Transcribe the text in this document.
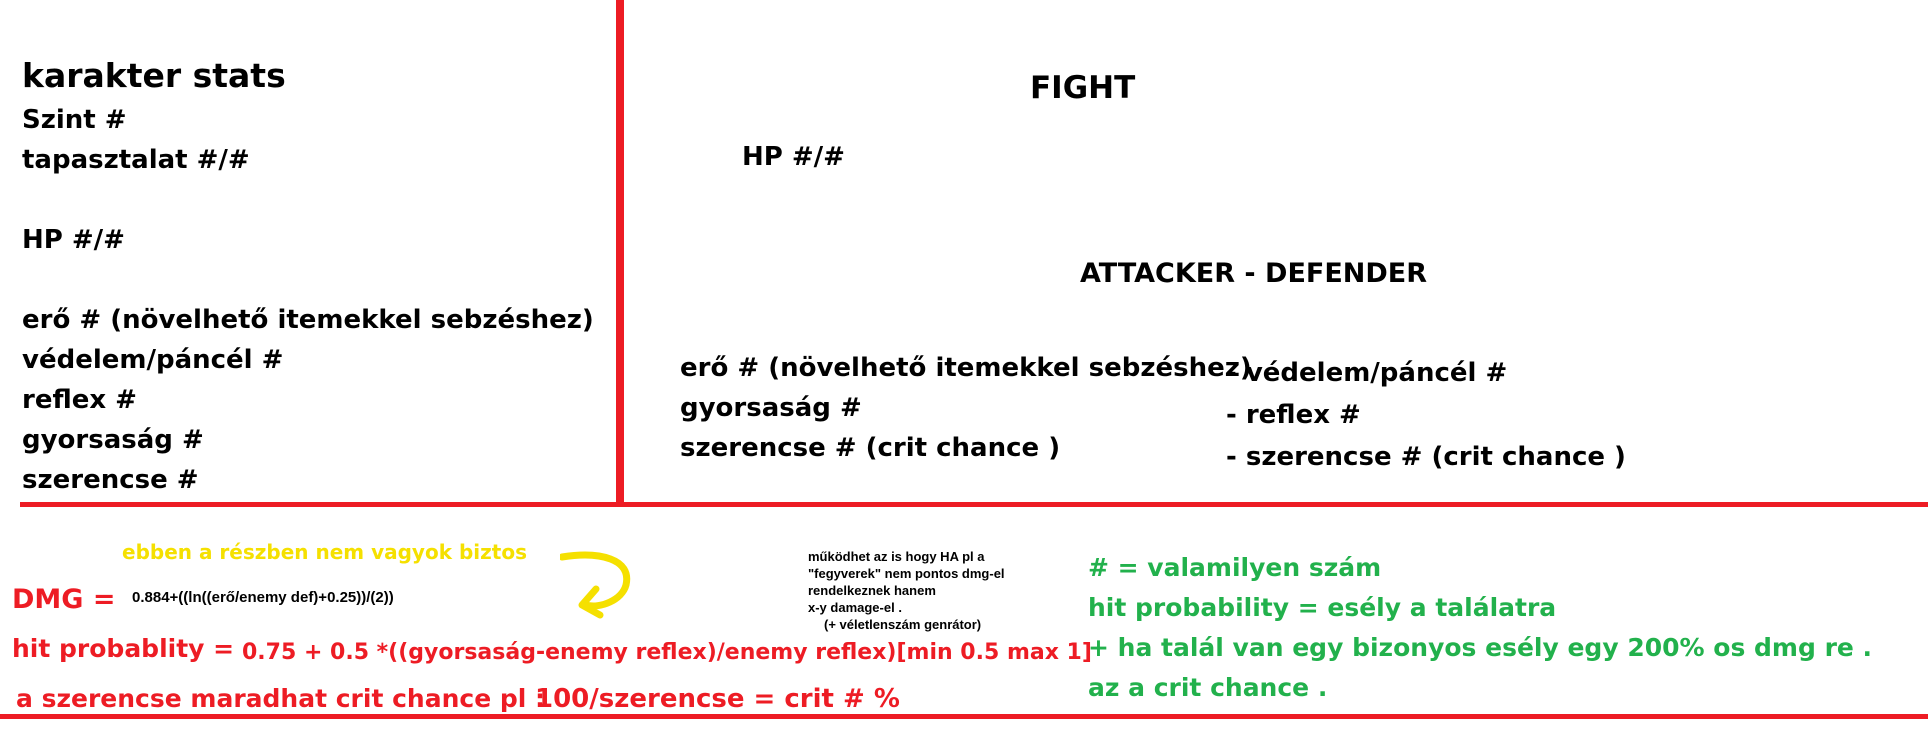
karakter stats
Szint #
tapasztalat #/#
HP #/#
erő # (növelhető itemekkel sebzéshez)
védelem/páncél #
reflex #
gyorsaság #
szerencse #
FIGHT
HP #/#
ATTACKER - DEFENDER
erő # (növelhető itemekkel sebzéshez)
gyorsaság #
szerencse # (crit chance )
- védelem/páncél #
- reflex #
- szerencse # (crit chance )
ebben a részben nem vagyok biztos
DMG = 0.884+((ln((erő/enemy def)+0.25))/(2))
hit probablity = 0.75 + 0.5 *((gyorsaság-enemy reflex)/enemy reflex)[min 0.5 max 1]
a szerencse maradhat crit chance pl :
100/szerencse = crit # %
működhet az is hogy HA pl a
"fegyverek" nem pontos dmg-el
rendelkeznek hanem
x-y damage-el .
(+ véletlenszám genrátor)
# = valamilyen szám
hit probability = esély a találatra
+ ha talál van egy bizonyos esély egy 200% os dmg re .
az a crit chance .
